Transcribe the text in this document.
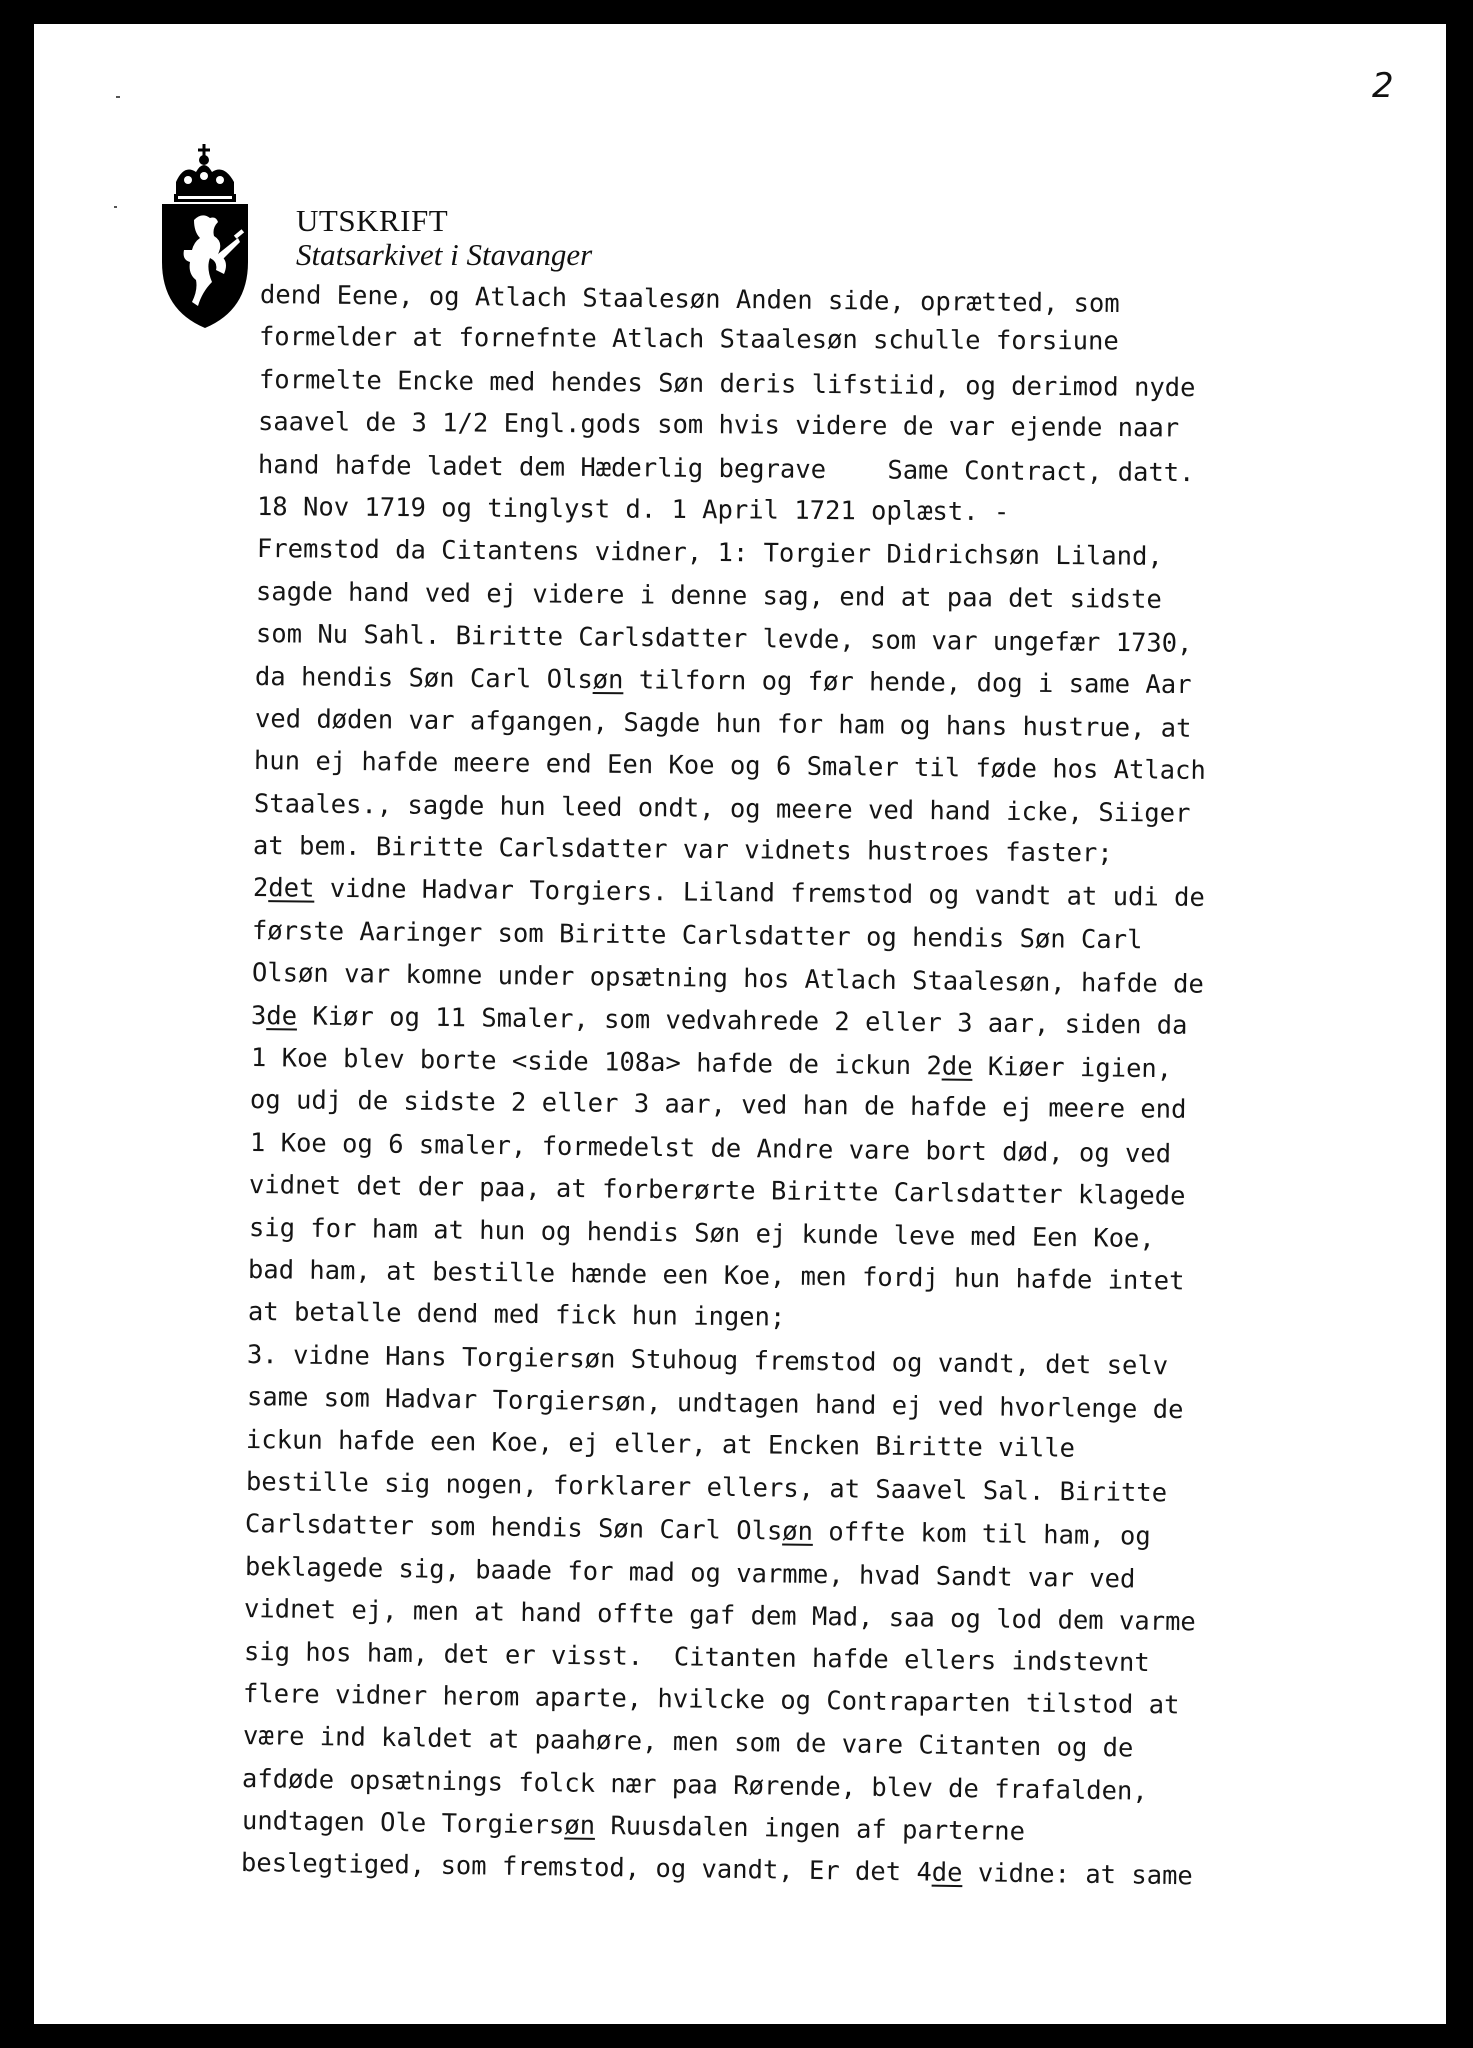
2
UTSKRIFT
Statsarkivet i Stavanger
dend Eene, og Atlach Staalesøn Anden side, oprætted, som
formelder at fornefnte Atlach Staalesøn schulle forsiune
formelte Encke med hendes Søn deris lifstiid, og derimod nyde
saavel de 3 1/2 Engl.gods som hvis videre de var ejende naar
hand hafde ladet dem Hæderlig begrave    Same Contract, datt.
18 Nov 1719 og tinglyst d. 1 April 1721 oplæst. -
Fremstod da Citantens vidner, 1: Torgier Didrichsøn Liland,
sagde hand ved ej videre i denne sag, end at paa det sidste
som Nu Sahl. Biritte Carlsdatter levde, som var ungefær 1730,
da hendis Søn Carl Olsøn tilforn og før hende, dog i same Aar
ved døden var afgangen, Sagde hun for ham og hans hustrue, at
hun ej hafde meere end Een Koe og 6 Smaler til føde hos Atlach
Staales., sagde hun leed ondt, og meere ved hand icke, Siiger
at bem. Biritte Carlsdatter var vidnets hustroes faster;
2det vidne Hadvar Torgiers. Liland fremstod og vandt at udi de
første Aaringer som Biritte Carlsdatter og hendis Søn Carl
Olsøn var komne under opsætning hos Atlach Staalesøn, hafde de
3de Kiør og 11 Smaler, som vedvahrede 2 eller 3 aar, siden da
1 Koe blev borte <side 108a> hafde de ickun 2de Kiøer igien,
og udj de sidste 2 eller 3 aar, ved han de hafde ej meere end
1 Koe og 6 smaler, formedelst de Andre vare bort død, og ved
vidnet det der paa, at forberørte Biritte Carlsdatter klagede
sig for ham at hun og hendis Søn ej kunde leve med Een Koe,
bad ham, at bestille hænde een Koe, men fordj hun hafde intet
at betalle dend med fick hun ingen;
3. vidne Hans Torgiersøn Stuhoug fremstod og vandt, det selv
same som Hadvar Torgiersøn, undtagen hand ej ved hvorlenge de
ickun hafde een Koe, ej eller, at Encken Biritte ville
bestille sig nogen, forklarer ellers, at Saavel Sal. Biritte
Carlsdatter som hendis Søn Carl Olsøn offte kom til ham, og
beklagede sig, baade for mad og varmme, hvad Sandt var ved
vidnet ej, men at hand offte gaf dem Mad, saa og lod dem varme
sig hos ham, det er visst.  Citanten hafde ellers indstevnt
flere vidner herom aparte, hvilcke og Contraparten tilstod at
være ind kaldet at paahøre, men som de vare Citanten og de
afdøde opsætnings folck nær paa Rørende, blev de frafalden,
undtagen Ole Torgiersøn Ruusdalen ingen af parterne
beslegtiged, som fremstod, og vandt, Er det 4de vidne: at same
